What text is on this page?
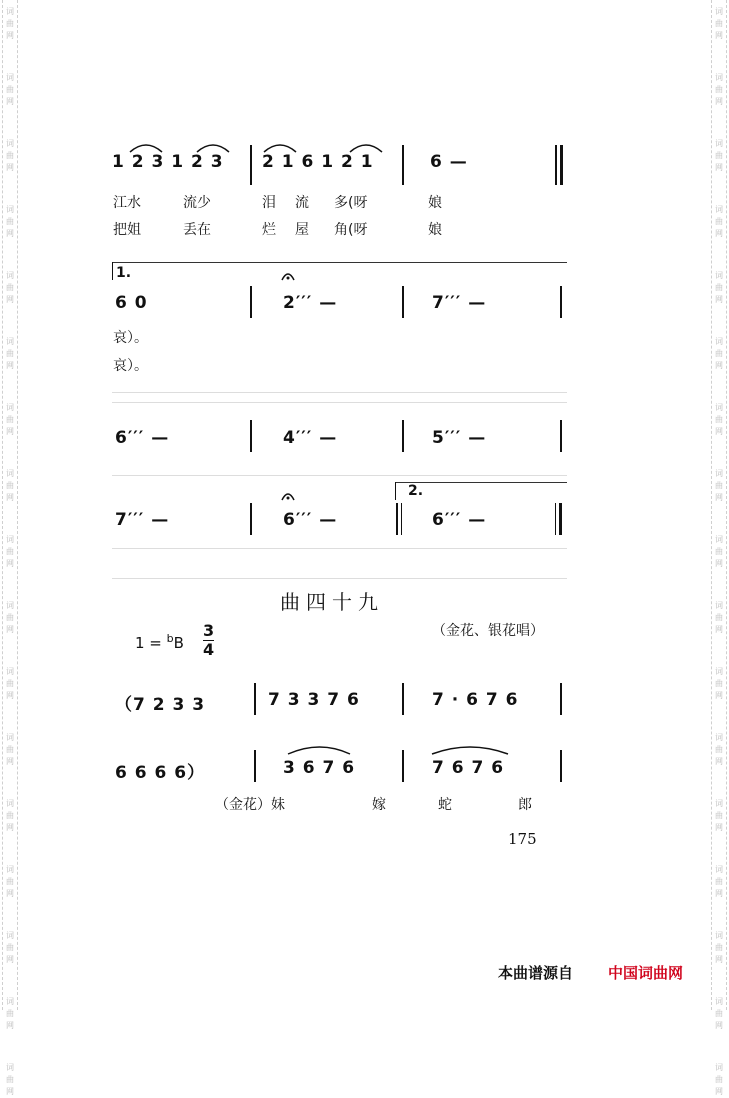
词曲网
词曲网
词曲网
词曲网
词曲网
词曲网
词曲网
词曲网
词曲网
词曲网
词曲网
词曲网
词曲网
词曲网
词曲网
词曲网
词曲网
词曲网
词曲网
词曲网
词曲网
词曲网
词曲网
词曲网
词曲网
词曲网
词曲网
词曲网
词曲网
词曲网
词曲网
词曲网
词曲网
词曲网
1 2 3 1 2 3 2 1 6 1 2 1	6 —
江水	流少	泪 流 多(呀	娘
把姐	丢在	烂 屋 角(呀	娘
1.
6 0	2′′′ —	7′′′ —
哀）。
哀）。
6′′′ —	4′′′ —	5′′′ —
2.
7′′′ —	6′′′ —	6′′′ —
曲四十九
（金花、银花唱）
1 = $^b$B
3
4
（7 2 3 3	7 3 3 7 6	7 · 6 7 6
6 6 6 6）	3 6 7 6	7 6 7 6
（金花）妹	嫁	蛇	郎
175
本曲谱源自 中国词曲网
